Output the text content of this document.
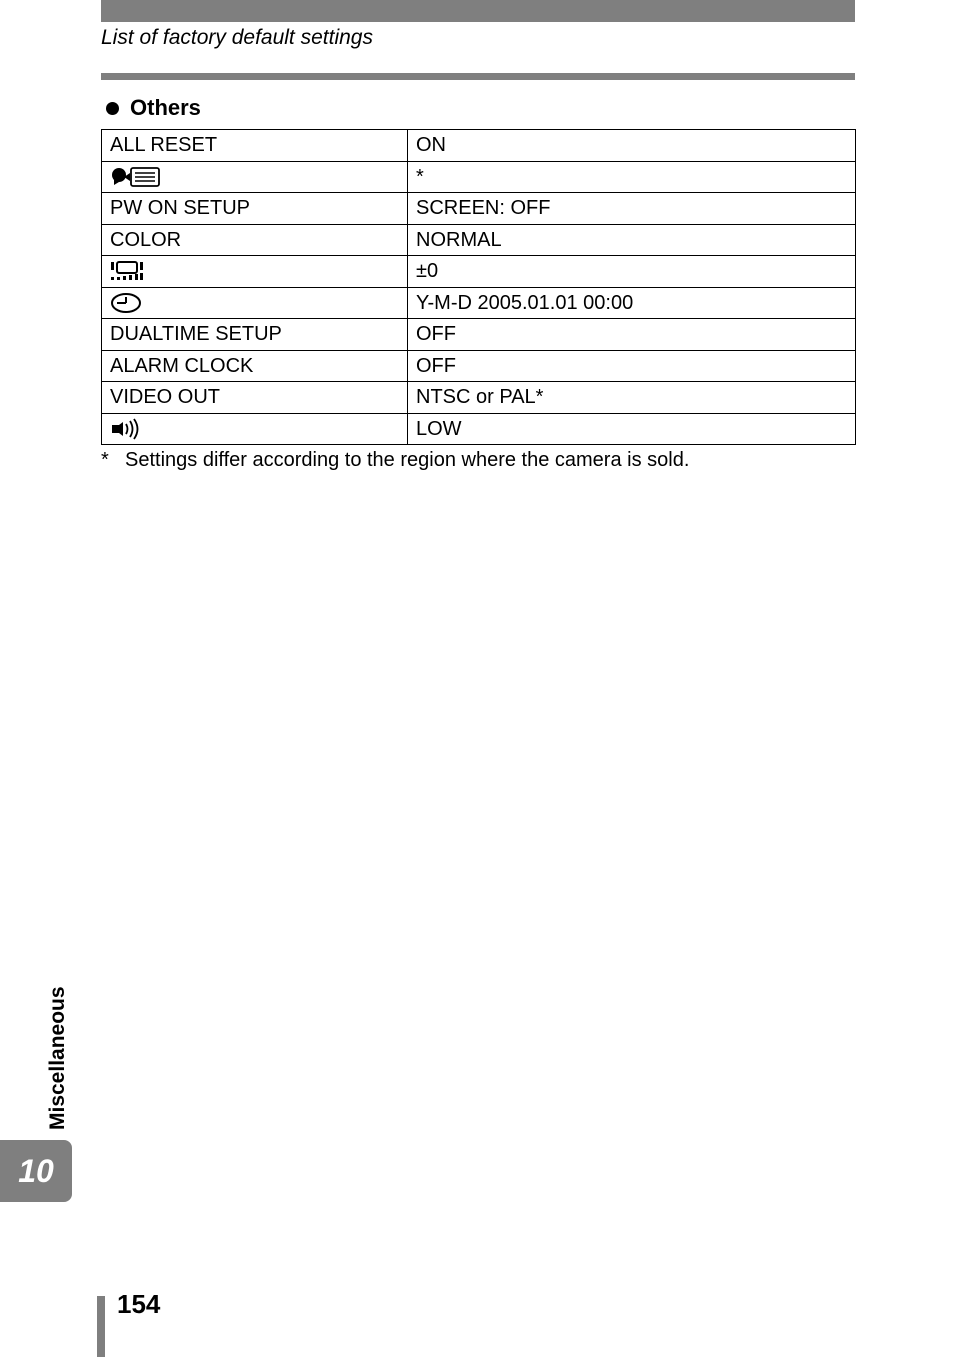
List of factory default settings
Others
ALL RESET	ON

	*
PW ON SETUP	SCREEN: OFF
COLOR	NORMAL

	±0

	Y-M-D 2005.01.01 00:00
DUALTIME SETUP	OFF
ALARM CLOCK	OFF
VIDEO OUT	NTSC or PAL*

	LOW
* Settings differ according to the region where the camera is sold.
Miscellaneous
10
154
